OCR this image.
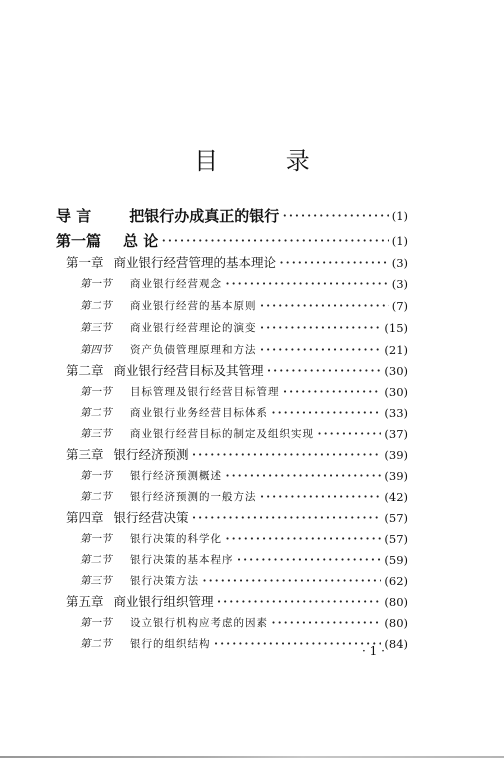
目 录
导 言	把银行办成真正的银行 ·····	(1)
第一篇 总 论 ·····	(1)
第一章 商业银行经营管理的基本理论 ·····	(3)
第一节	商业银行经营观念 ·····	(3)
第二节	商业银行经营的基本原则 ·····	(7)
第三节	商业银行经营理论的演变 ·····	(15)
第四节	资产负债管理原理和方法 ·····	(21)
第二章 商业银行经营目标及其管理 ·····	(30)
第一节	目标管理及银行经营目标管理 ·····	(30)
第二节	商业银行业务经营目标体系 ·····	(33)
第三节	商业银行经营目标的制定及组织实现 ·····	(37)
第三章 银行经济预测 ·····	(39)
第一节	银行经济预测概述 ·····	(39)
第二节	银行经济预测的一般方法 ·····	(42)
第四章 银行经营决策 ·····	(57)
第一节	银行决策的科学化 ·····	(57)
第二节	银行决策的基本程序 ·····	(59)
第三节	银行决策方法 ·····	(62)
第五章 商业银行组织管理 ·····	(80)
第一节	设立银行机构应考虑的因素 ·····	(80)
第二节	银行的组织结构 ·····	(84)
· 1 ·
